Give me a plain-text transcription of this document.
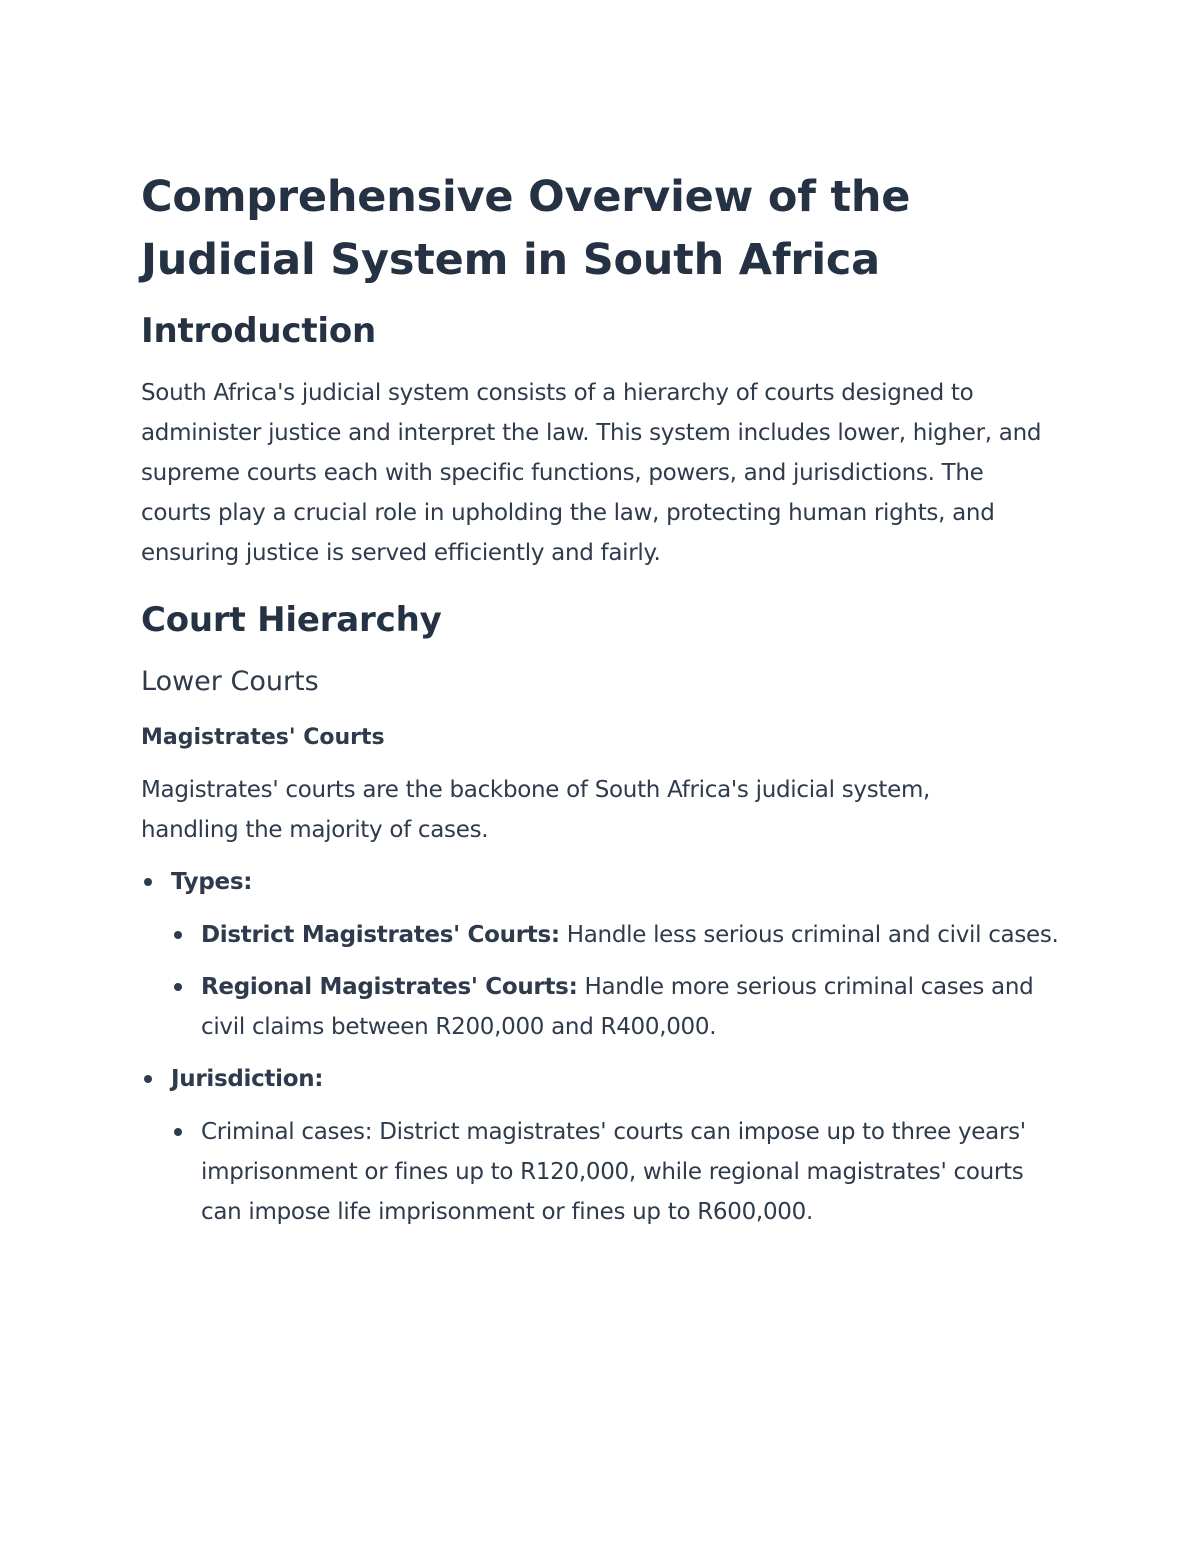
Comprehensive Overview of the
Judicial System in South Africa
Introduction

South Africa's judicial system consists of a hierarchy of courts designed to administer justice and interpret the law. This system includes lower, higher, and supreme courts each with specific functions, powers, and jurisdictions. The courts play a crucial role in upholding the law, protecting human rights, and ensuring justice is served efficiently and fairly.

Court Hierarchy
Lower Courts
Magistrates' Courts

Magistrates' courts are the backbone of South Africa's judicial system, handling the majority of cases.

Types:
District Magistrates' Courts: Handle less serious criminal and civil cases.
Regional Magistrates' Courts: Handle more serious criminal cases and civil claims between R200,000 and R400,000.
Jurisdiction:
Criminal cases: District magistrates' courts can impose up to three years' imprisonment or fines up to R120,000, while regional magistrates' courts can impose life imprisonment or fines up to R600,000.
